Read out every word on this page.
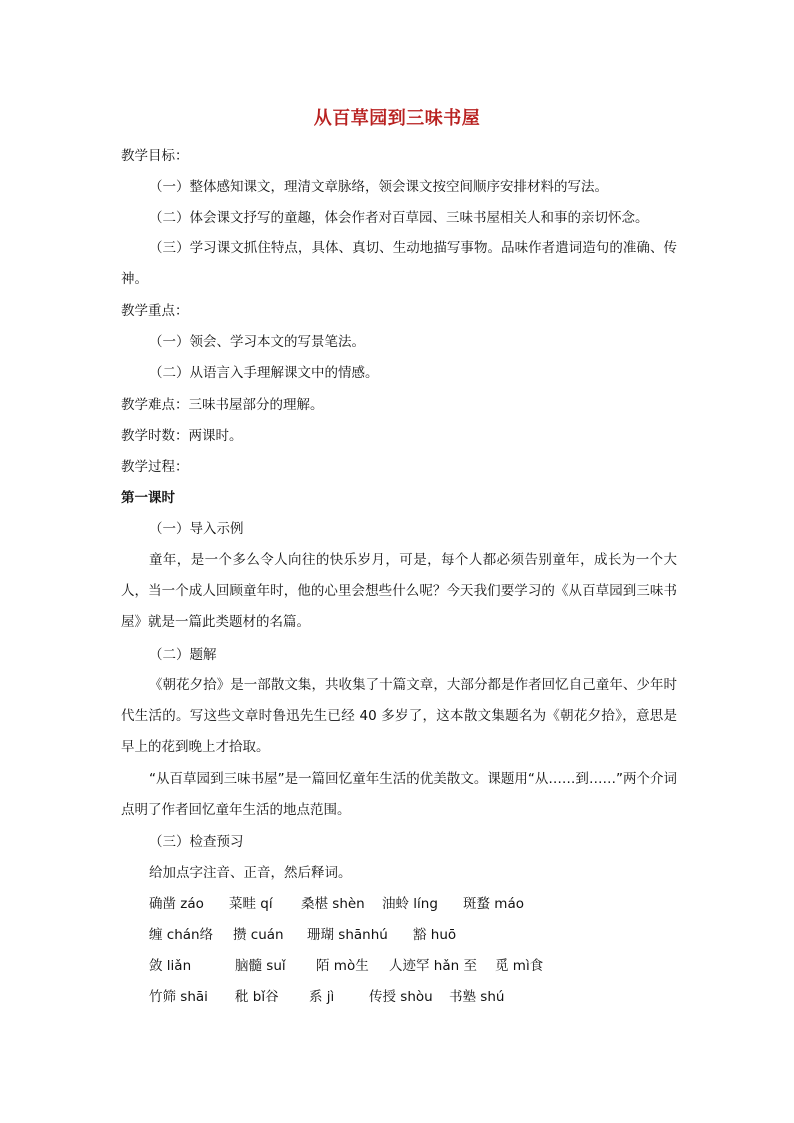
从百草园到三味书屋
教学目标：
（一）整体感知课文，理清文章脉络，领会课文按空间顺序安排材料的写法。
（二）体会课文抒写的童趣，体会作者对百草园、三味书屋相关人和事的亲切怀念。
（三）学习课文抓住特点，具体、真切、生动地描写事物。品味作者遣词造句的准确、传神。
教学重点：
（一）领会、学习本文的写景笔法。
（二）从语言入手理解课文中的情感。
教学难点：三味书屋部分的理解。
教学时数：两课时。
教学过程：
第一课时
（一）导入示例
童年，是一个多么令人向往的快乐岁月，可是，每个人都必须告别童年，成长为一个大人，当一个成人回顾童年时，他的心里会想些什么呢？今天我们要学习的《从百草园到三味书屋》就是一篇此类题材的名篇。
（二）题解
《朝花夕拾》是一部散文集，共收集了十篇文章，大部分都是作者回忆自己童年、少年时代生活的。写这些文章时鲁迅先生已经 40 多岁了，这本散文集题名为《朝花夕拾》，意思是早上的花到晚上才拾取。
“从百草园到三味书屋”是一篇回忆童年生活的优美散文。课题用“从……到……”两个介词点明了作者回忆童年生活的地点范围。
（三）检查预习
给加点字注音、正音，然后释词。
确凿 záo 菜畦 qí 桑椹 shèn 油蛉 líng 斑蝥 máo
缠 chán络 攒 cuán 珊瑚 shānhú 豁 huō
敛 liǎn	脑髓 suǐ 陌 mò生 人迹罕 hǎn 至 觅 mì食
竹筛 shāi 秕 bǐ谷 系 jì	传授 shòu 书塾 shú
